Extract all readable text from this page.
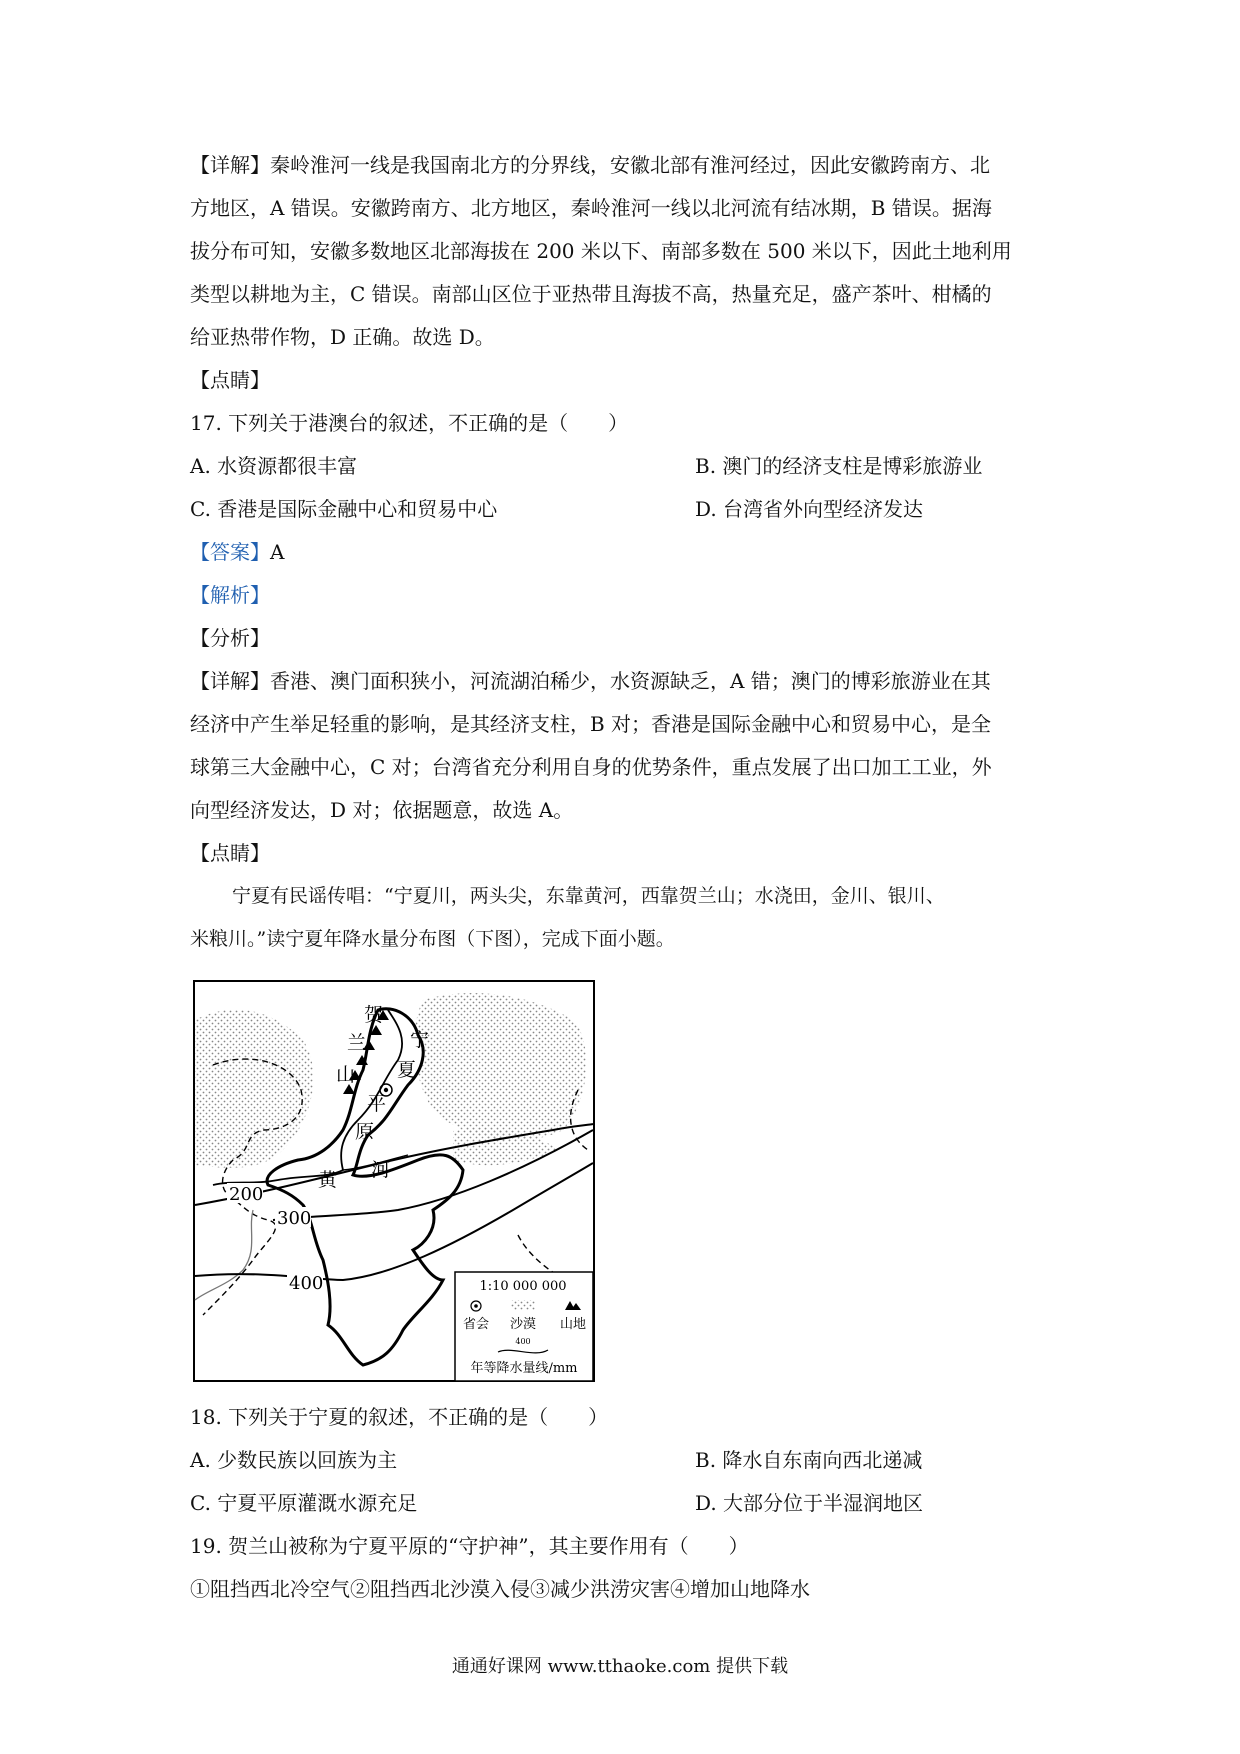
【详解】秦岭淮河一线是我国南北方的分界线，安徽北部有淮河经过，因此安徽跨南方、北
方地区，A 错误。安徽跨南方、北方地区，秦岭淮河一线以北河流有结冰期，B 错误。据海
拔分布可知，安徽多数地区北部海拔在 200 米以下、南部多数在 500 米以下，因此土地利用
类型以耕地为主，C 错误。南部山区位于亚热带且海拔不高，热量充足，盛产茶叶、柑橘的
给亚热带作物，D 正确。故选 D。
【点睛】
17. 下列关于港澳台的叙述，不正确的是（　　）
A. 水资源都很丰富	B. 澳门的经济支柱是博彩旅游业
C. 香港是国际金融中心和贸易中心	D. 台湾省外向型经济发达
【答案】A
【解析】
【分析】
【详解】香港、澳门面积狭小，河流湖泊稀少，水资源缺乏，A 错；澳门的博彩旅游业在其
经济中产生举足轻重的影响，是其经济支柱，B 对；香港是国际金融中心和贸易中心，是全
球第三大金融中心，C 对；台湾省充分利用自身的优势条件，重点发展了出口加工工业，外
向型经济发达，D 对；依据题意，故选 A。
【点睛】
宁夏有民谣传唱：“宁夏川，两头尖，东靠黄河，西靠贺兰山；水浇田，金川、银川、
米粮川。”读宁夏年降水量分布图（下图），完成下面小题。
贺
兰
山
宁
夏
平
原
黄 河
200
300
400	1:10 000 000
省会 沙漠 山地
400
年等降水量线/mm
18. 下列关于宁夏的叙述，不正确的是（　　）
A. 少数民族以回族为主	B. 降水自东南向西北递减
C. 宁夏平原灌溉水源充足	D. 大部分位于半湿润地区
19. 贺兰山被称为宁夏平原的“守护神”，其主要作用有（　　）
①阻挡西北冷空气②阻挡西北沙漠入侵③减少洪涝灾害④增加山地降水
通通好课网 www.tthaoke.com 提供下载
